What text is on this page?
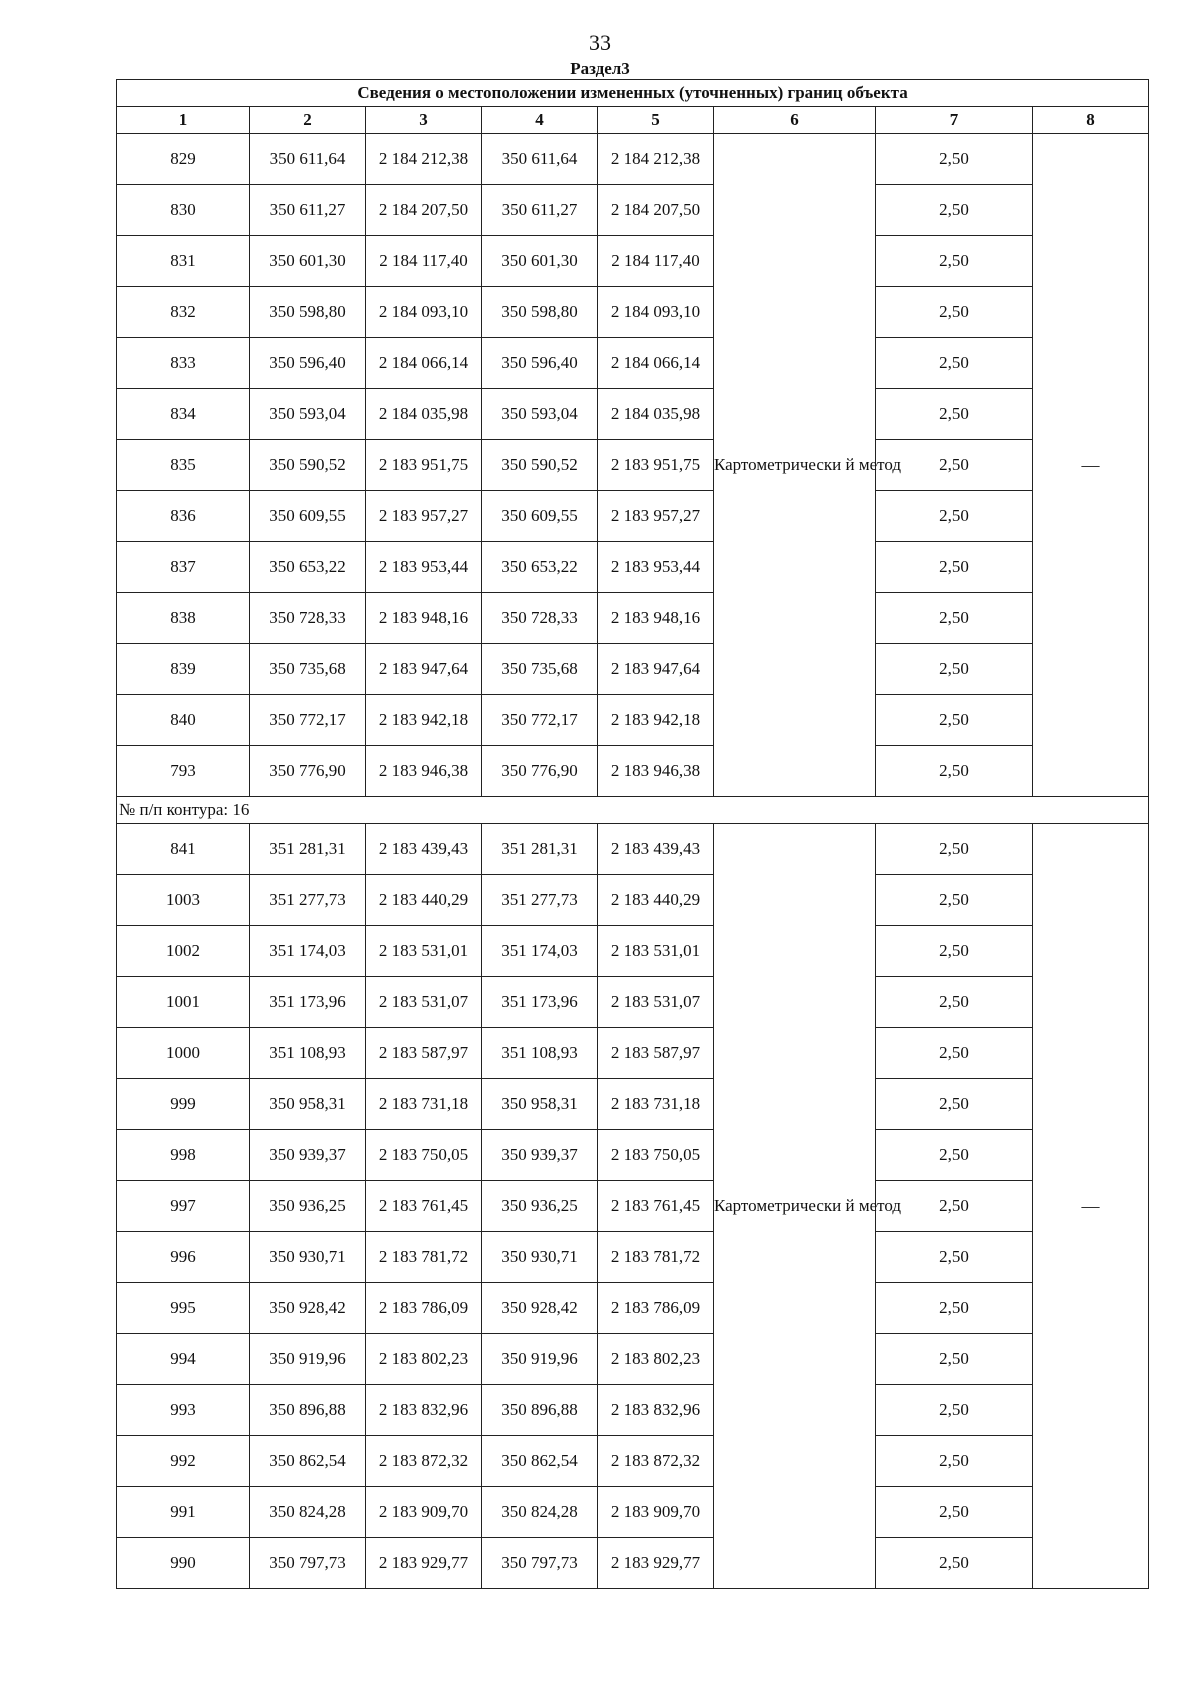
33
Раздел3
Сведения о местоположении измененных (уточненных) границ объекта							
1	2	3	4	5	6	7	8
829	350 611,64	2 184 212,38	350 611,64	2 184 212,38	Картометрически й метод	2,50	—
830	350 611,27	2 184 207,50	350 611,27	2 184 207,50		2,50	
831	350 601,30	2 184 117,40	350 601,30	2 184 117,40		2,50	
832	350 598,80	2 184 093,10	350 598,80	2 184 093,10		2,50	
833	350 596,40	2 184 066,14	350 596,40	2 184 066,14		2,50	
834	350 593,04	2 184 035,98	350 593,04	2 184 035,98		2,50	
835	350 590,52	2 183 951,75	350 590,52	2 183 951,75		2,50	
836	350 609,55	2 183 957,27	350 609,55	2 183 957,27		2,50	
837	350 653,22	2 183 953,44	350 653,22	2 183 953,44		2,50	
838	350 728,33	2 183 948,16	350 728,33	2 183 948,16		2,50	
839	350 735,68	2 183 947,64	350 735,68	2 183 947,64		2,50	
840	350 772,17	2 183 942,18	350 772,17	2 183 942,18		2,50	
793	350 776,90	2 183 946,38	350 776,90	2 183 946,38		2,50	
№ п/п контура: 16							
841	351 281,31	2 183 439,43	351 281,31	2 183 439,43	Картометрически й метод	2,50	—
1003	351 277,73	2 183 440,29	351 277,73	2 183 440,29		2,50	
1002	351 174,03	2 183 531,01	351 174,03	2 183 531,01		2,50	
1001	351 173,96	2 183 531,07	351 173,96	2 183 531,07		2,50	
1000	351 108,93	2 183 587,97	351 108,93	2 183 587,97		2,50	
999	350 958,31	2 183 731,18	350 958,31	2 183 731,18		2,50	
998	350 939,37	2 183 750,05	350 939,37	2 183 750,05		2,50	
997	350 936,25	2 183 761,45	350 936,25	2 183 761,45		2,50	
996	350 930,71	2 183 781,72	350 930,71	2 183 781,72		2,50	
995	350 928,42	2 183 786,09	350 928,42	2 183 786,09		2,50	
994	350 919,96	2 183 802,23	350 919,96	2 183 802,23		2,50	
993	350 896,88	2 183 832,96	350 896,88	2 183 832,96		2,50	
992	350 862,54	2 183 872,32	350 862,54	2 183 872,32		2,50	
991	350 824,28	2 183 909,70	350 824,28	2 183 909,70		2,50	
990	350 797,73	2 183 929,77	350 797,73	2 183 929,77		2,50	
